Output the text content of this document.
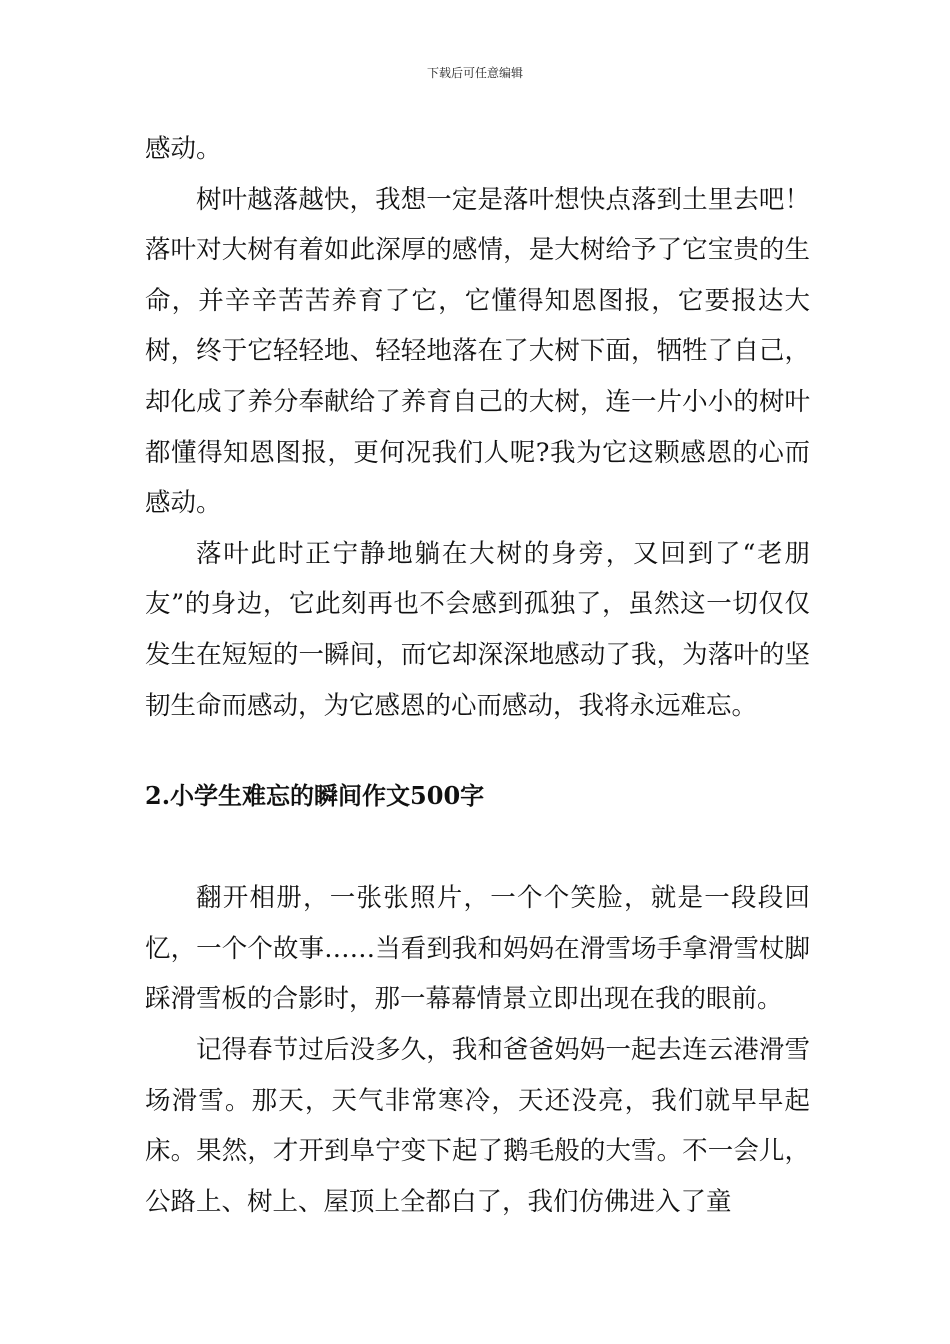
下载后可任意编辑

感动。

树叶越落越快，我想一定是落叶想快点落到土里去吧！落叶对大树有着如此深厚的感情，是大树给予了它宝贵的生命，并辛辛苦苦养育了它，它懂得知恩图报，它要报达大树，终于它轻轻地、轻轻地落在了大树下面，牺牲了自己，却化成了养分奉献给了养育自己的大树，连一片小小的树叶都懂得知恩图报，更何况我们人呢?我为它这颗感恩的心而感动。

落叶此时正宁静地躺在大树的身旁，又回到了“老朋友”的身边，它此刻再也不会感到孤独了，虽然这一切仅仅发生在短短的一瞬间，而它却深深地感动了我，为落叶的坚韧生命而感动，为它感恩的心而感动，我将永远难忘。

2.小学生难忘的瞬间作文500字

翻开相册，一张张照片，一个个笑脸，就是一段段回忆，一个个故事……当看到我和妈妈在滑雪场手拿滑雪杖脚踩滑雪板的合影时，那一幕幕情景立即出现在我的眼前。

记得春节过后没多久，我和爸爸妈妈一起去连云港滑雪场滑雪。那天，天气非常寒冷，天还没亮，我们就早早起床。果然，才开到阜宁变下起了鹅毛般的大雪。不一会儿，公路上、树上、屋顶上全都白了，我们仿佛进入了童
